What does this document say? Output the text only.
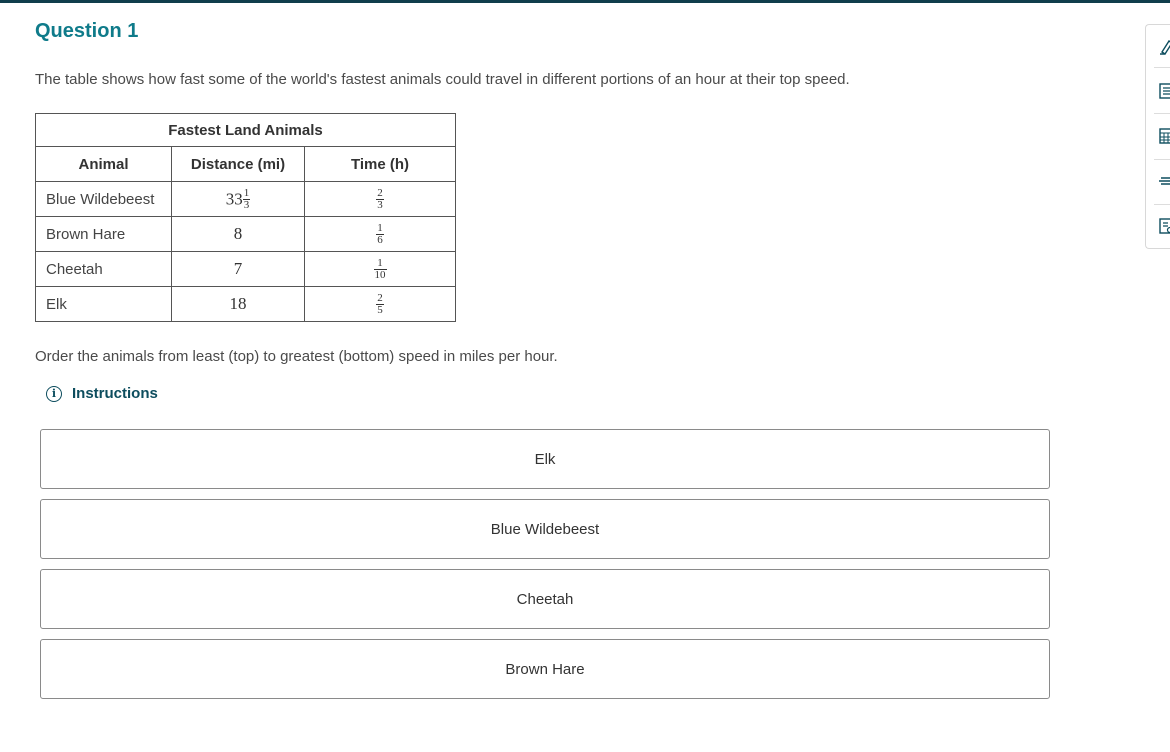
Question 1
The table shows how fast some of the world's fastest animals could travel in different portions of an hour at their top speed.
Fastest Land Animals		
Animal	Distance (mi)	Time (h)
Blue Wildebeest	$33 \frac{1}{3}$	$\frac{2}{3}$

Brown Hare	8	$\frac{1}{6}$

Cheetah	7	$\frac{1}{10}$

Elk	18	$\frac{2}{5}$
Order the animals from least (top) to greatest (bottom) speed in miles per hour.
i	Instructions
Elk
Blue Wildebeest
Cheetah
Brown Hare
